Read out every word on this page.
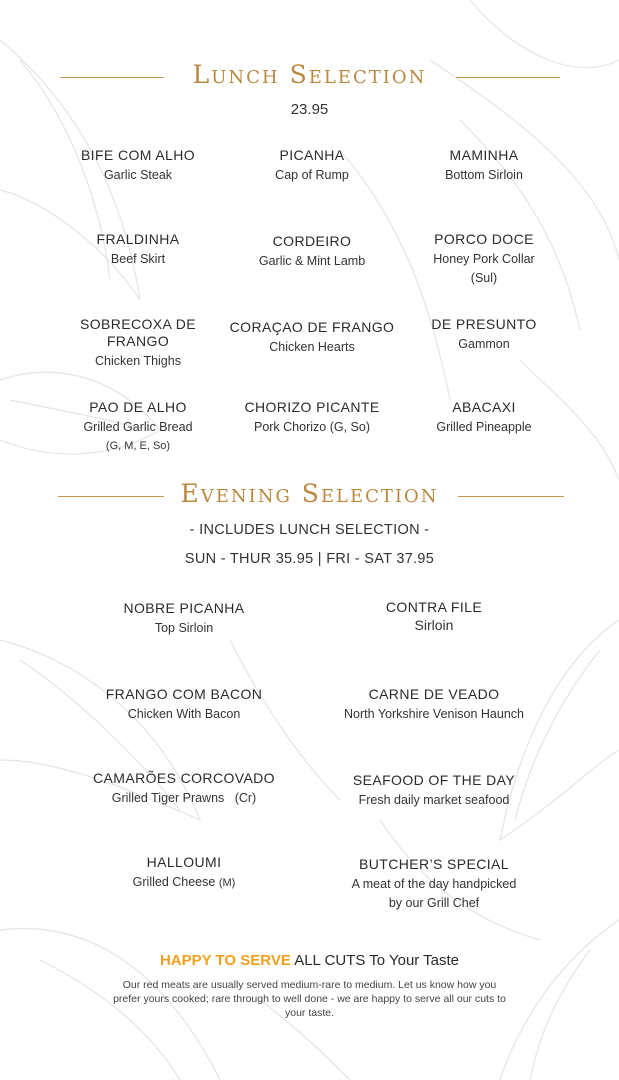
Lunch Selection
23.95
BIFE COM ALHO
Garlic Steak
PICANHA
Cap of Rump
MAMINHA
Bottom Sirloin
FRALDINHA
Beef Skirt
CORDEIRO
Garlic & Mint Lamb
PORCO DOCE
Honey Pork Collar
(Sul)
SOBRECOXA DE
FRANGO
Chicken Thighs
CORAÇAO DE FRANGO
Chicken Hearts
DE PRESUNTO
Gammon
PAO DE ALHO
Grilled Garlic Bread
(G, M, E, So)
CHORIZO PICANTE
Pork Chorizo (G, So)
ABACAXI
Grilled Pineapple
Evening Selection
- INCLUDES LUNCH SELECTION -
SUN - THUR 35.95 | FRI - SAT 37.95
NOBRE PICANHA
Top Sirloin
CONTRA FILE
Sirloin
FRANGO COM BACON
Chicken With Bacon
CARNE DE VEADO
North Yorkshire Venison Haunch
CAMARÕES CORCOVADO
Grilled Tiger Prawns   (Cr)
SEAFOOD OF THE DAY
Fresh daily market seafood
HALLOUMI
Grilled Cheese (M)
BUTCHER’S SPECIAL
A meat of the day handpicked
by our Grill Chef
HAPPY TO SERVE ALL CUTS To Your Taste
Our red meats are usually served medium-rare to medium. Let us know how you prefer yours cooked; rare through to well done - we are happy to serve all our cuts to your taste.
